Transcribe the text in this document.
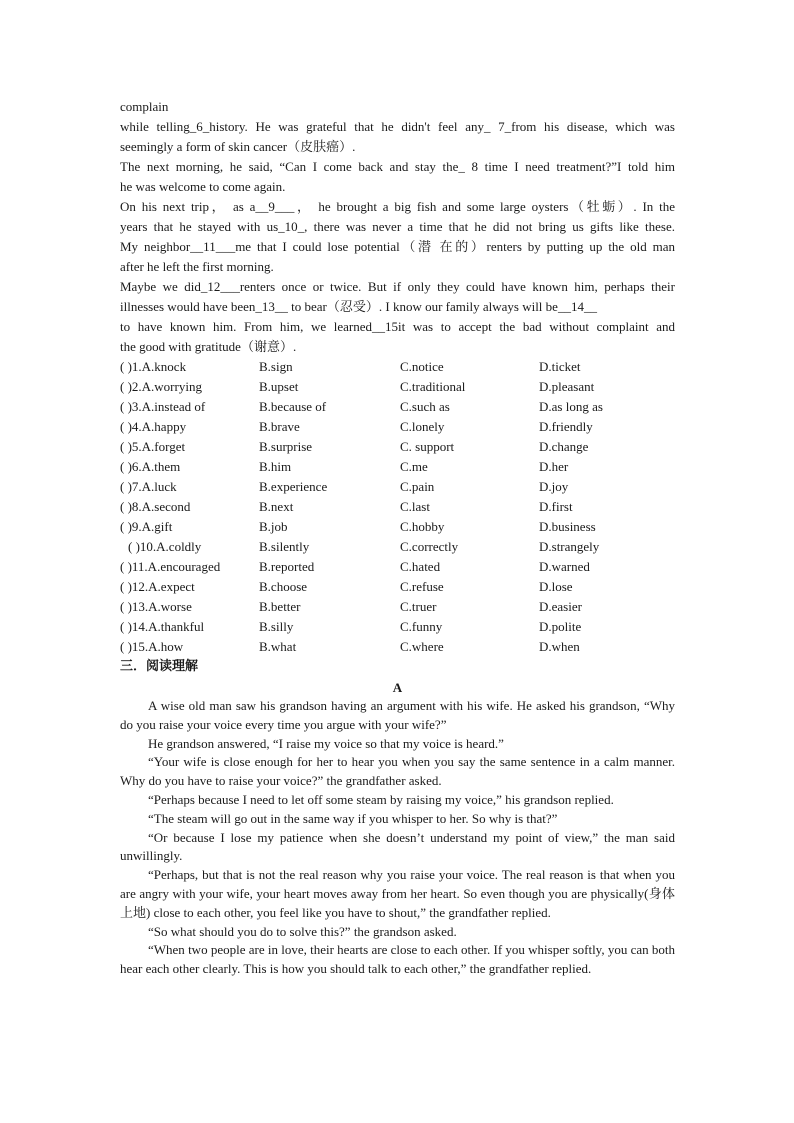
complain
while telling_6_history. He was grateful that he didn't feel any_ 7_from his disease, which was
seemingly a form of skin cancer（皮肤癌）.
The next morning, he said, “Can I come back and stay the_ 8 time I need treatment?”I told him
he was welcome to come again.
On his next trip， as a__9___， he brought a big fish and some large oysters（牡蛎）. In the
years that he stayed with us_10_, there was never a time that he did not bring us gifts like these.
My neighbor__11___me that I could lose potential（潜 在的）renters by putting up the old man
after he left the first morning.
Maybe we did_12___renters once or twice. But if only they could have known him, perhaps their
illnesses would have been_13__ to bear（忍受）. I know our family always will be__14__
to have known him. From him, we learned__15it was to accept the bad without complaint and
the good with gratitude（谢意）.
( )1.A.knock	B.sign	C.notice	D.ticket
( )2.A.worrying	B.upset	C.traditional	D.pleasant
( )3.A.instead of	B.because of	C.such as	D.as long as
( )4.A.happy	B.brave	C.lonely	D.friendly
( )5.A.forget	B.surprise	C. support	D.change
( )6.A.them	B.him	C.me	D.her
( )7.A.luck	B.experience	C.pain	D.joy
( )8.A.second	B.next	C.last	D.first
( )9.A.gift	B.job	C.hobby	D.business
( )10.A.coldly	B.silently	C.correctly	D.strangely
( )11.A.encouraged	B.reported	C.hated	D.warned
( )12.A.expect	B.choose	C.refuse	D.lose
( )13.A.worse	B.better	C.truer	D.easier
( )14.A.thankful	B.silly	C.funny	D.polite
( )15.A.how	B.what	C.where	D.when
三．阅读理解
A

A wise old man saw his grandson having an argument with his wife. He asked his grandson, “Why do you raise your voice every time you argue with your wife?”

He grandson answered, “I raise my voice so that my voice is heard.”

“Your wife is close enough for her to hear you when you say the same sentence in a calm manner. Why do you have to raise your voice?” the grandfather asked.

“Perhaps because I need to let off some steam by raising my voice,” his grandson replied.

“The steam will go out in the same way if you whisper to her. So why is that?”

“Or because I lose my patience when she doesn’t understand my point of view,” the man said unwillingly.

“Perhaps, but that is not the real reason why you raise your voice. The real reason is that when you are angry with your wife, your heart moves away from her heart. So even though you are physically(身体上地) close to each other, you feel like you have to shout,” the grandfather replied.

“So what should you do to solve this?” the grandson asked.

“When two people are in love, their hearts are close to each other. If you whisper softly, you can both hear each other clearly. This is how you should talk to each other,” the grandfather replied.
